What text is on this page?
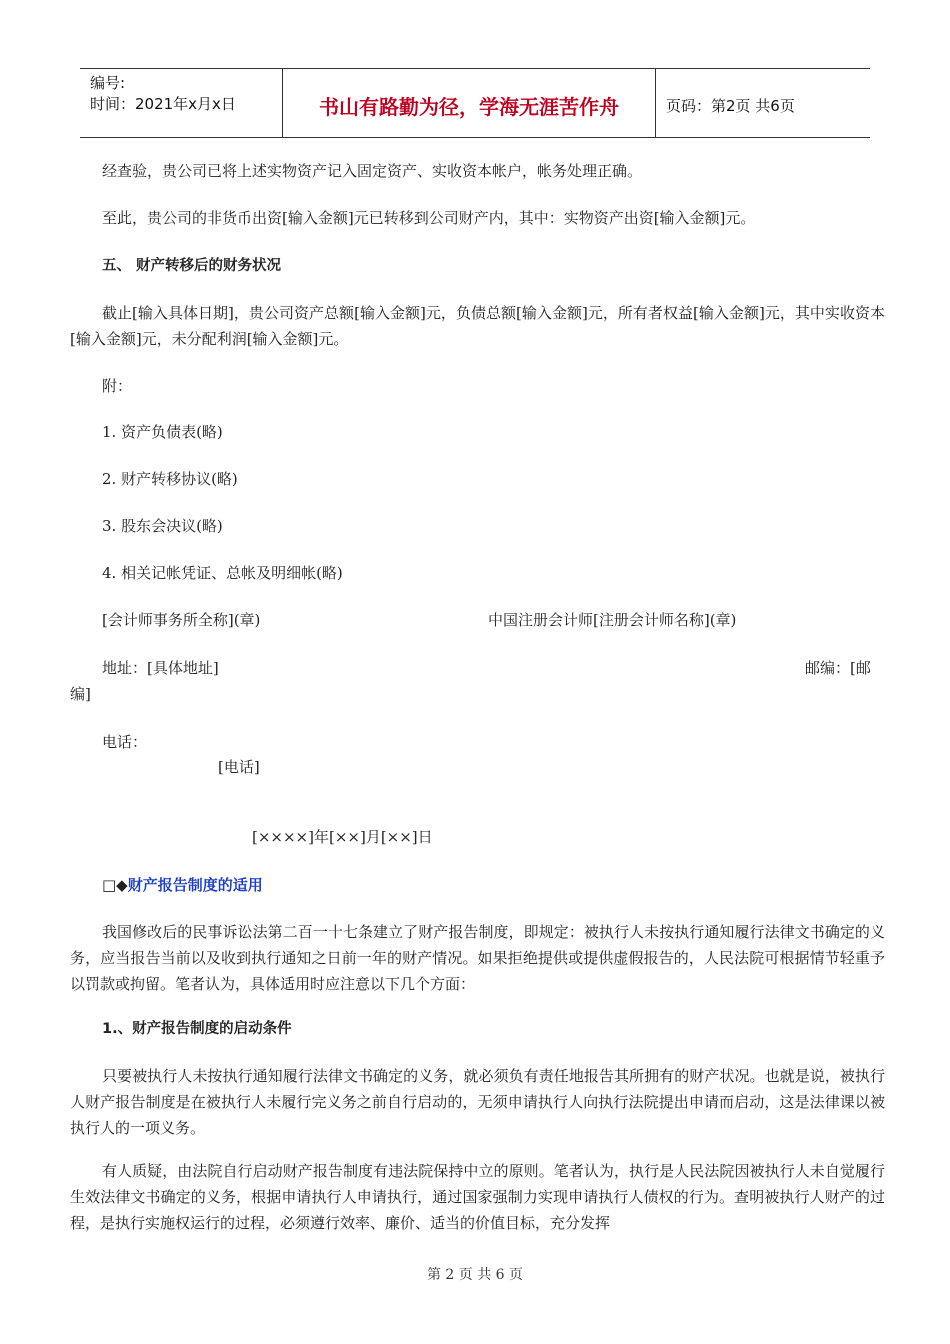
编号:
时间：2021年x月x日	书山有路勤为径，学海无涯苦作舟	页码：第2页 共6页

经查验，贵公司已将上述实物资产记入固定资产、实收资本帐户，帐务处理正确。

至此，贵公司的非货币出资[输入金额]元已转移到公司财产内，其中：实物资产出资[输入金额]元。

五、 财产转移后的财务状况

截止[输入具体日期]，贵公司资产总额[输入金额]元，负债总额[输入金额]元，所有者权益[输入金额]元，其中实收资本[输入金额]元，未分配利润[输入金额]元。

附：

1. 资产负债表(略)

2. 财产转移协议(略)

3. 股东会决议(略)

4. 相关记帐凭证、总帐及明细帐(略)

[会计师事务所全称](章)	中国注册会计师[注册会计师名称](章)

地址：[具体地址]	邮编：[邮

编]

电话：

[电话]

[××××]年[××]月[××]日

□◆财产报告制度的适用

我国修改后的民事诉讼法第二百一十七条建立了财产报告制度，即规定：被执行人未按执行通知履行法律文书确定的义务，应当报告当前以及收到执行通知之日前一年的财产情况。如果拒绝提供或提供虚假报告的，人民法院可根据情节轻重予以罚款或拘留。笔者认为，具体适用时应注意以下几个方面：

1.、财产报告制度的启动条件

只要被执行人未按执行通知履行法律文书确定的义务，就必须负有责任地报告其所拥有的财产状况。也就是说，被执行人财产报告制度是在被执行人未履行完义务之前自行启动的，无须申请执行人向执行法院提出申请而启动，这是法律课以被执行人的一项义务。

有人质疑，由法院自行启动财产报告制度有违法院保持中立的原则。笔者认为，执行是人民法院因被执行人未自觉履行生效法律文书确定的义务，根据申请执行人申请执行，通过国家强制力实现申请执行人债权的行为。查明被执行人财产的过程，是执行实施权运行的过程，必须遵行效率、廉价、适当的价值目标，充分发挥

第 2 页 共 6 页
